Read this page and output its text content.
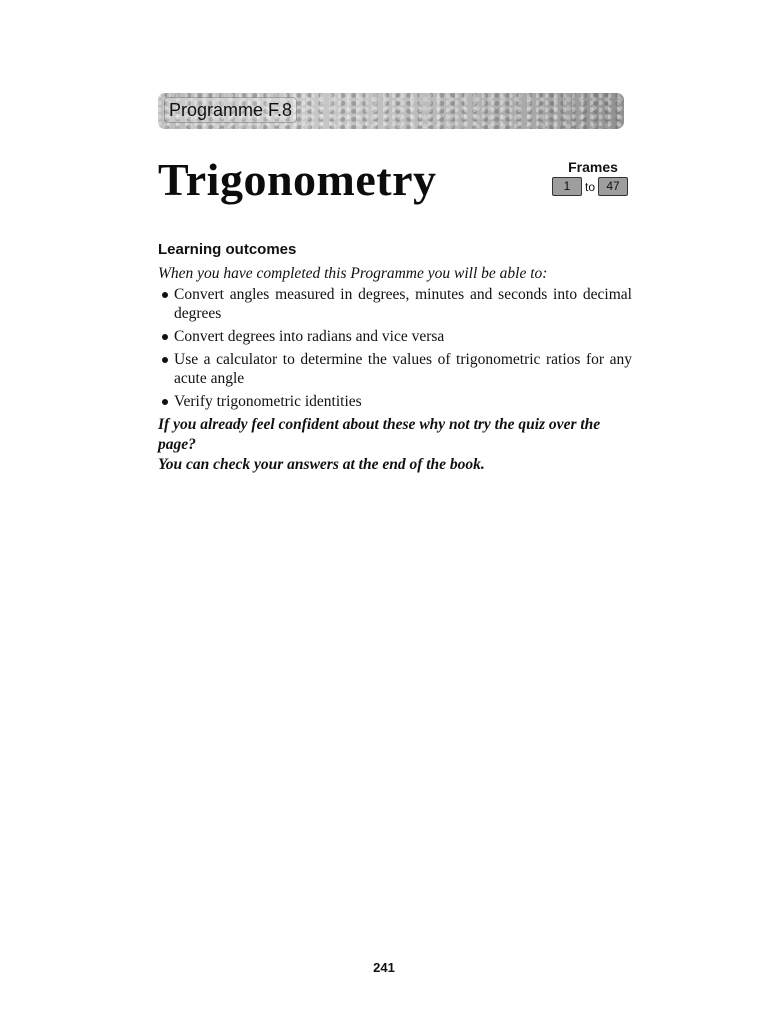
Programme F.8
Trigonometry	Frames
1	to 47
Learning outcomes

When you have completed this Programme you will be able to:

Convert angles measured in degrees, minutes and seconds into decimal degrees
Convert degrees into radians and vice versa
Use a calculator to determine the values of trigonometric ratios for any acute angle
Verify trigonometric identities

If you already feel confident about these why not try the quiz over the page?
You can check your answers at the end of the book.

241
